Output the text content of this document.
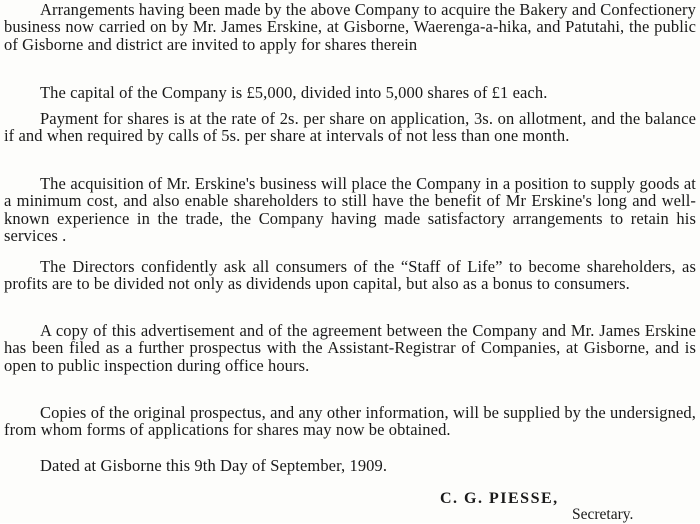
Arrangements having been made by the above Company to acquire the Bakery and Confectionery business now carried on by Mr. James Erskine, at Gisborne, Waerenga-a-hika, and Patutahi, the public of Gisborne and district are invited to apply for shares therein

The capital of the Company is £5,000, divided into 5,000 shares of £1 each.

Payment for shares is at the rate of 2s. per share on application, 3s. on allotment, and the balance if and when required by calls of 5s. per share at intervals of not less than one month.

The acquisition of Mr. Erskine's business will place the Company in a position to supply goods at a minimum cost, and also enable shareholders to still have the benefit of Mr Erskine's long and well-known experience in the trade, the Company having made satisfactory arrangements to retain his services .

The Directors confidently ask all consumers of the “Staff of Life” to become shareholders, as profits are to be divided not only as dividends upon capital, but also as a bonus to consumers.

A copy of this advertisement and of the agreement between the Company and Mr. James Erskine has been filed as a further prospectus with the Assistant-Registrar of Companies, at Gisborne, and is open to public inspection during office hours.

Copies of the original prospectus, and any other information, will be supplied by the undersigned, from whom forms of applications for shares may now be obtained.

Dated at Gisborne this 9th Day of September, 1909.

C. G. PIESSE,
Secretary.
